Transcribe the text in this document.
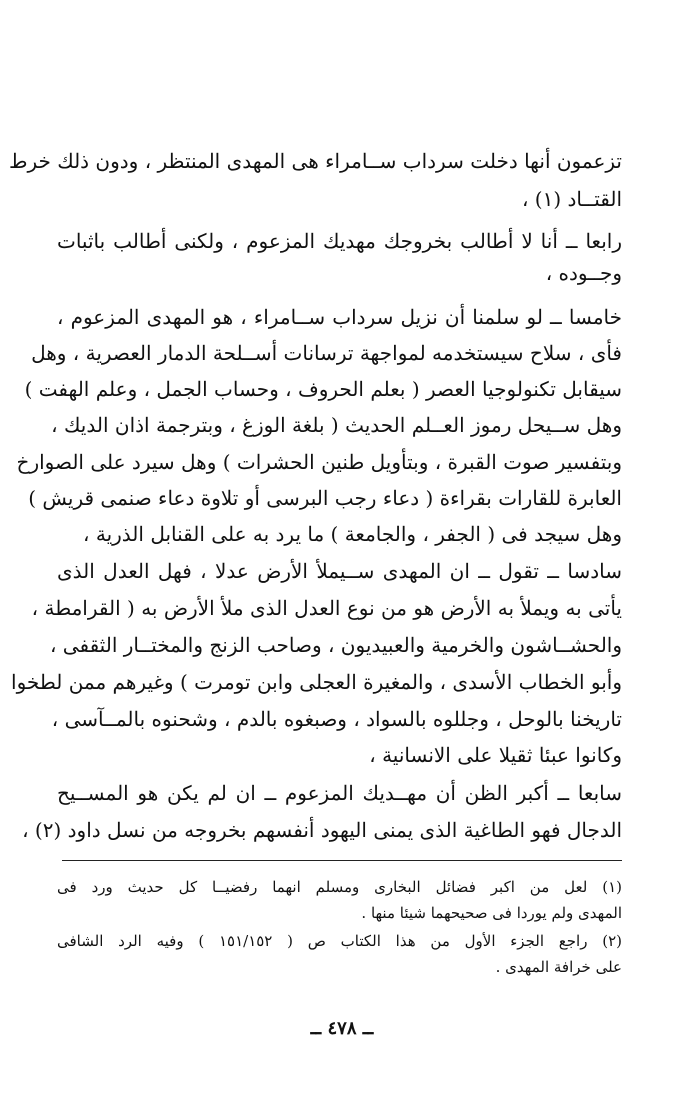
تزعمون أنها دخلت سرداب ســامراء هى المهدى المنتظر ، ودون ذلك خرط
القتــاد (١) ،
رابعا ــ أنا لا أطالب بخروجك مهديك المزعوم ، ولكنى أطالب باثبات
وجــوده ،
خامسا ــ لو سلمنا أن نزيل سرداب ســامراء ، هو المهدى المزعوم ،
فأى ، سلاح سيستخدمه لمواجهة ترسانات أســلحة الدمار العصرية ، وهل
سيقابل تكنولوجيا العصر ( بعلم الحروف ، وحساب الجمل ، وعلم الهفت )
وهل ســيحل رموز العــلم الحديث ( بلغة الوزغ ، وبترجمة اذان الديك ،
وبتفسير صوت القبرة ، وبتأويل طنين الحشرات ) وهل سيرد على الصوارخ
العابرة للقارات بقراءة ( دعاء رجب البرسى أو تلاوة دعاء صنمى قريش )
وهل سيجد فى ( الجفر ، والجامعة ) ما يرد به على القنابل الذرية ،
سادسا ــ تقول ــ ان المهدى ســيملأ الأرض عدلا ، فهل العدل الذى
يأتى به ويملأ به الأرض هو من نوع العدل الذى ملأ الأرض به ( القرامطة ،
والحشــاشون والخرمية والعبيديون ، وصاحب الزنج والمختــار الثقفى ،
وأبو الخطاب الأسدى ، والمغيرة العجلى وابن تومرت ) وغيرهم ممن لطخوا
تاريخنا بالوحل ، وجللوه بالسواد ، وصبغوه بالدم ، وشحنوه بالمــآسى ،
وكانوا عبئا ثقيلا على الانسانية ،
سابعا ــ أكبر الظن أن مهــديك المزعوم ــ ان لم يكن هو المســيح
الدجال فهو الطاغية الذى يمنى اليهود أنفسهم بخروجه من نسل داود (٢) ،
(١) لعل من اكبر فضائل البخارى ومسلم انهما رفضيــا كل حديث ورد فى
المهدى ولم يوردا فى صحيحهما شيئا منها .
(٢) راجع الجزء الأول من هذا الكتاب ص ( ١٥١/١٥٢ ) وفيه الرد الشافى
على خرافة المهدى .
ــ ٤٧٨ ــ
